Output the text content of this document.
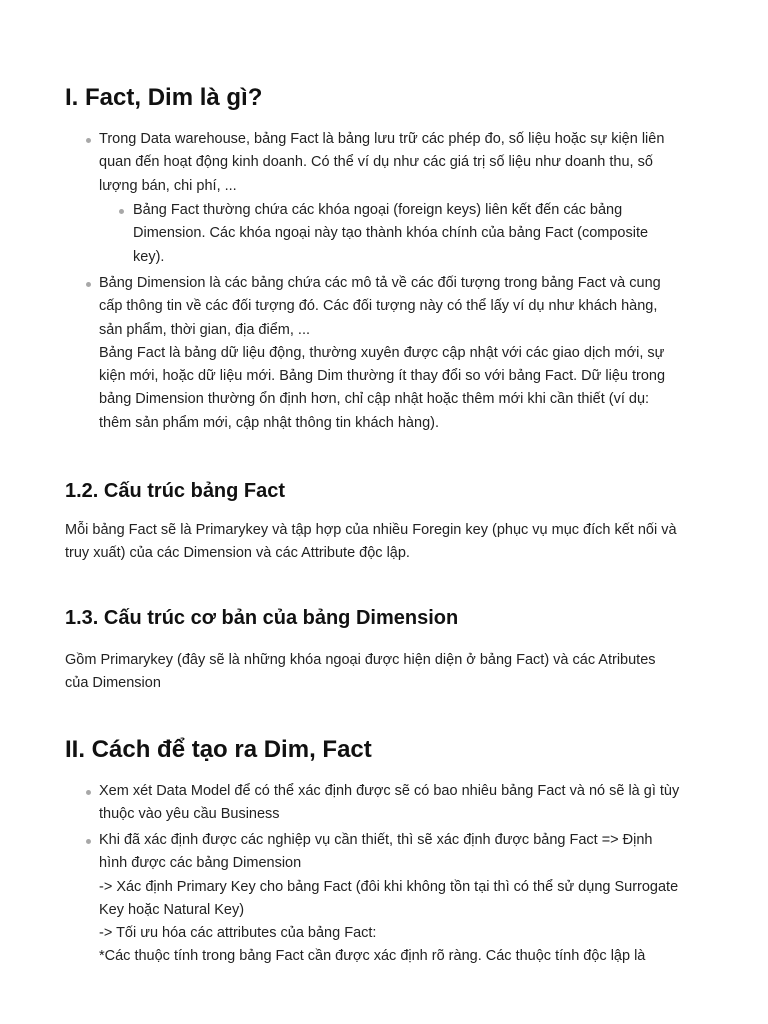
I. Fact, Dim là gì?
Trong Data warehouse, bảng Fact là bảng lưu trữ các phép đo, số liệu hoặc sự kiện liên
quan đến hoạt động kinh doanh. Có thể ví dụ như các giá trị số liệu như doanh thu, số
lượng bán, chi phí, ...
Bảng Fact thường chứa các khóa ngoại (foreign keys) liên kết đến các bảng
Dimension. Các khóa ngoại này tạo thành khóa chính của bảng Fact (composite
key).
Bảng Dimension là các bảng chứa các mô tả về các đối tượng trong bảng Fact và cung
cấp thông tin về các đối tượng đó. Các đối tượng này có thể lấy ví dụ như khách hàng,
sản phẩm, thời gian, địa điểm, ...
Bảng Fact là bảng dữ liệu động, thường xuyên được cập nhật với các giao dịch mới, sự
kiện mới, hoặc dữ liệu mới. Bảng Dim thường ít thay đổi so với bảng Fact. Dữ liệu trong
bảng Dimension thường ổn định hơn, chỉ cập nhật hoặc thêm mới khi cần thiết (ví dụ:
thêm sản phẩm mới, cập nhật thông tin khách hàng).
1.2. Cấu trúc bảng Fact
Mỗi bảng Fact sẽ là Primarykey và tập hợp của nhiều Foregin key (phục vụ mục đích kết nối và
truy xuất) của các Dimension và các Attribute độc lập.
1.3. Cấu trúc cơ bản của bảng Dimension
Gồm Primarykey (đây sẽ là những khóa ngoại được hiện diện ở bảng Fact) và các Atributes
của Dimension
II. Cách để tạo ra Dim, Fact
Xem xét Data Model để có thể xác định được sẽ có bao nhiêu bảng Fact và nó sẽ là gì tùy
thuộc vào yêu cầu Business
Khi đã xác định được các nghiệp vụ cần thiết, thì sẽ xác định được bảng Fact => Định
hình được các bảng Dimension
-> Xác định Primary Key cho bảng Fact (đôi khi không tồn tại thì có thể sử dụng Surrogate
Key hoặc Natural Key)
-> Tối ưu hóa các attributes của bảng Fact:
*Các thuộc tính trong bảng Fact cần được xác định rõ ràng. Các thuộc tính độc lập là
